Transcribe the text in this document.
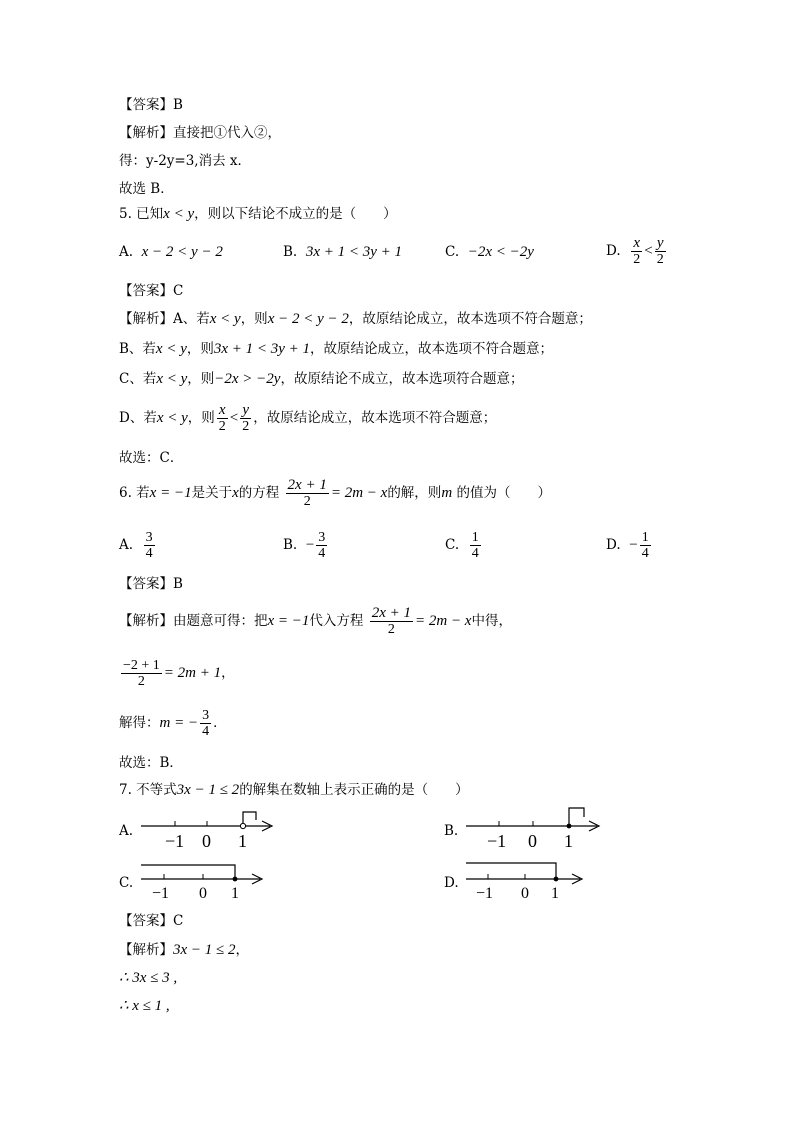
【答案】B
【解析】直接把①代入②，
得：y-2y=3,消去 x．
故选 B．
5. 已知x < y，则以下结论不成立的是（　　）
A. x − 2 < y − 2	B. 3x + 1 < 3y + 1	C. −2x < −2y	D. $\frac{x}{2} < \frac{y}{2}$
【答案】C
【解析】A、若x < y，则x − 2 < y − 2，故原结论成立，故本选项不符合题意；
B、若x < y，则3x + 1 < 3y + 1，故原结论成立，故本选项不符合题意；
C、若x < y，则−2x > −2y，故原结论不成立，故本选项符合题意；
D、若x < y，则 $\frac{x}{2} < \frac{y}{2}$ ，故原结论成立，故本选项不符合题意；
故选：C．
6. 若x = −1是关于x的方程 $\frac{2x + 1}{2} = 2m - x$的解，则m 的值为（　　）
A. $\frac{3}{4}$	B. − $\frac{3}{4}$	C. $\frac{1}{4}$	D. − $\frac{1}{4}$
【答案】B
【解析】由题意可得：把x = −1代入方程 $\frac{2x + 1}{2} = 2m - x$中得，
$\frac{-2 + 1}{2} = 2m + 1$，
解得：m = − $\frac{3}{4}$ ．
故选：B．
7. 不等式3x − 1 ≤ 2的解集在数轴上表示正确的是（　　）
A. −1 0 1	B. −1 0 1
C.
−1 0 1
D.
−1 0 1
【答案】C
【解析】3x − 1 ≤ 2，
∴ 3x ≤ 3 ,
∴ x ≤ 1 ,
